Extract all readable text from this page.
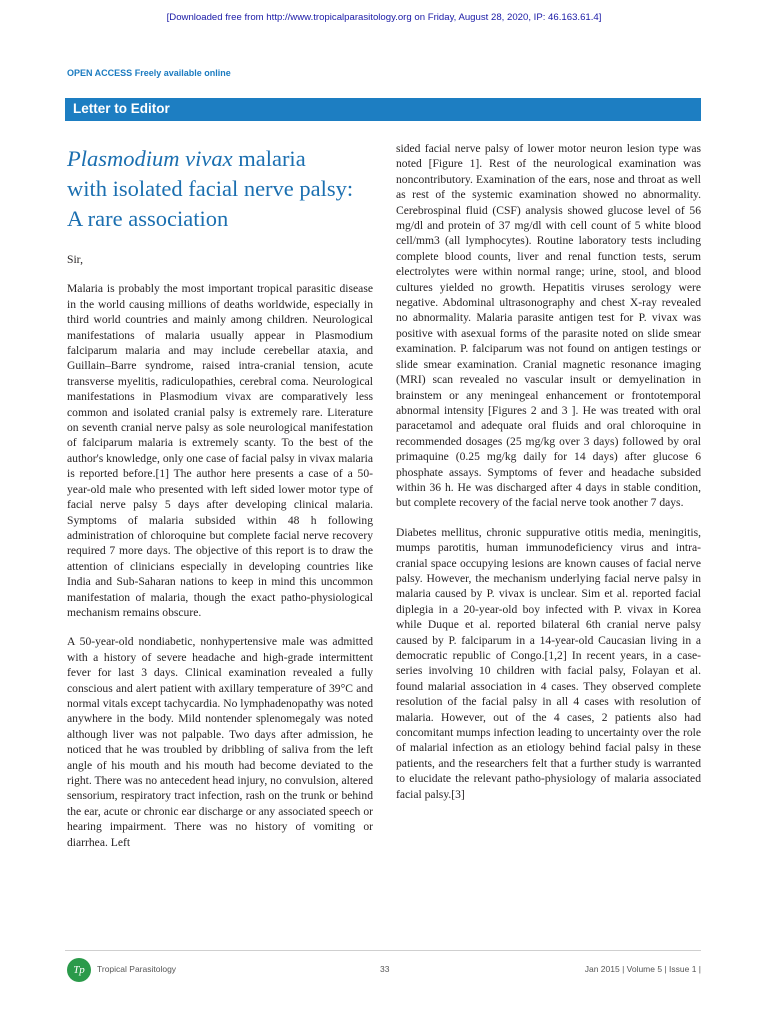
[Downloaded free from http://www.tropicalparasitology.org on Friday, August 28, 2020, IP: 46.163.61.4]
OPEN ACCESS Freely available online
Letter to Editor
Plasmodium vivax malaria
with isolated facial nerve palsy:
A rare association

Sir,

Malaria is probably the most important tropical parasitic disease in the world causing millions of deaths worldwide, especially in third world countries and mainly among children. Neurological manifestations of malaria usually appear in Plasmodium falciparum malaria and may include cerebellar ataxia, and Guillain–Barre syndrome, raised intra-cranial tension, acute transverse myelitis, radiculopathies, cerebral coma. Neurological manifestations in Plasmodium vivax are comparatively less common and isolated cranial palsy is extremely rare. Literature on seventh cranial nerve palsy as sole neurological manifestation of falciparum malaria is extremely scanty. To the best of the author's knowledge, only one case of facial palsy in vivax malaria is reported before.[1] The author here presents a case of a 50-year-old male who presented with left sided lower motor type of facial nerve palsy 5 days after developing clinical malaria. Symptoms of malaria subsided within 48 h following administration of chloroquine but complete facial nerve recovery required 7 more days. The objective of this report is to draw the attention of clinicians especially in developing countries like India and Sub-Saharan nations to keep in mind this uncommon manifestation of malaria, though the exact patho-physiological mechanism remains obscure.

A 50-year-old nondiabetic, nonhypertensive male was admitted with a history of severe headache and high-grade intermittent fever for last 3 days. Clinical examination revealed a fully conscious and alert patient with axillary temperature of 39°C and normal vitals except tachycardia. No lymphadenopathy was noted anywhere in the body. Mild nontender splenomegaly was noted although liver was not palpable. Two days after admission, he noticed that he was troubled by dribbling of saliva from the left angle of his mouth and his mouth had become deviated to the right. There was no antecedent head injury, no convulsion, altered sensorium, respiratory tract infection, rash on the trunk or behind the ear, acute or chronic ear discharge or any associated speech or hearing impairment. There was no history of vomiting or diarrhea. Left

sided facial nerve palsy of lower motor neuron lesion type was noted [Figure 1]. Rest of the neurological examination was noncontributory. Examination of the ears, nose and throat as well as rest of the systemic examination showed no abnormality. Cerebrospinal fluid (CSF) analysis showed glucose level of 56 mg/dl and protein of 37 mg/dl with cell count of 5 white blood cell/mm3 (all lymphocytes). Routine laboratory tests including complete blood counts, liver and renal function tests, serum electrolytes were within normal range; urine, stool, and blood cultures yielded no growth. Hepatitis viruses serology were negative. Abdominal ultrasonography and chest X-ray revealed no abnormality. Malaria parasite antigen test for P. vivax was positive with asexual forms of the parasite noted on slide smear examination. P. falciparum was not found on antigen testings or slide smear examination. Cranial magnetic resonance imaging (MRI) scan revealed no vascular insult or demyelination in brainstem or any meningeal enhancement or frontotemporal abnormal intensity [Figures 2 and 3 ]. He was treated with oral paracetamol and adequate oral fluids and oral chloroquine in recommended dosages (25 mg/kg over 3 days) followed by oral primaquine (0.25 mg/kg daily for 14 days) after glucose 6 phosphate assays. Symptoms of fever and headache subsided within 36 h. He was discharged after 4 days in stable condition, but complete recovery of the facial nerve took another 7 days.

Diabetes mellitus, chronic suppurative otitis media, meningitis, mumps parotitis, human immunodeficiency virus and intra-cranial space occupying lesions are known causes of facial nerve palsy. However, the mechanism underlying facial nerve palsy in malaria caused by P. vivax is unclear. Sim et al. reported facial diplegia in a 20-year-old boy infected with P. vivax in Korea while Duque et al. reported bilateral 6th cranial nerve palsy caused by P. falciparum in a 14-year-old Caucasian living in a democratic republic of Congo.[1,2] In recent years, in a case-series involving 10 children with facial palsy, Folayan et al. found malarial association in 4 cases. They observed complete resolution of the facial palsy in all 4 cases with resolution of malaria. However, out of the 4 cases, 2 patients also had concomitant mumps infection leading to uncertainty over the role of malarial infection as an etiology behind facial palsy in these patients, and the researchers felt that a further study is warranted to elucidate the relevant patho-physiology of malaria associated facial palsy.[3]

Tp	Tropical Parasitology	33	Jan 2015 | Volume 5 | Issue 1 |
